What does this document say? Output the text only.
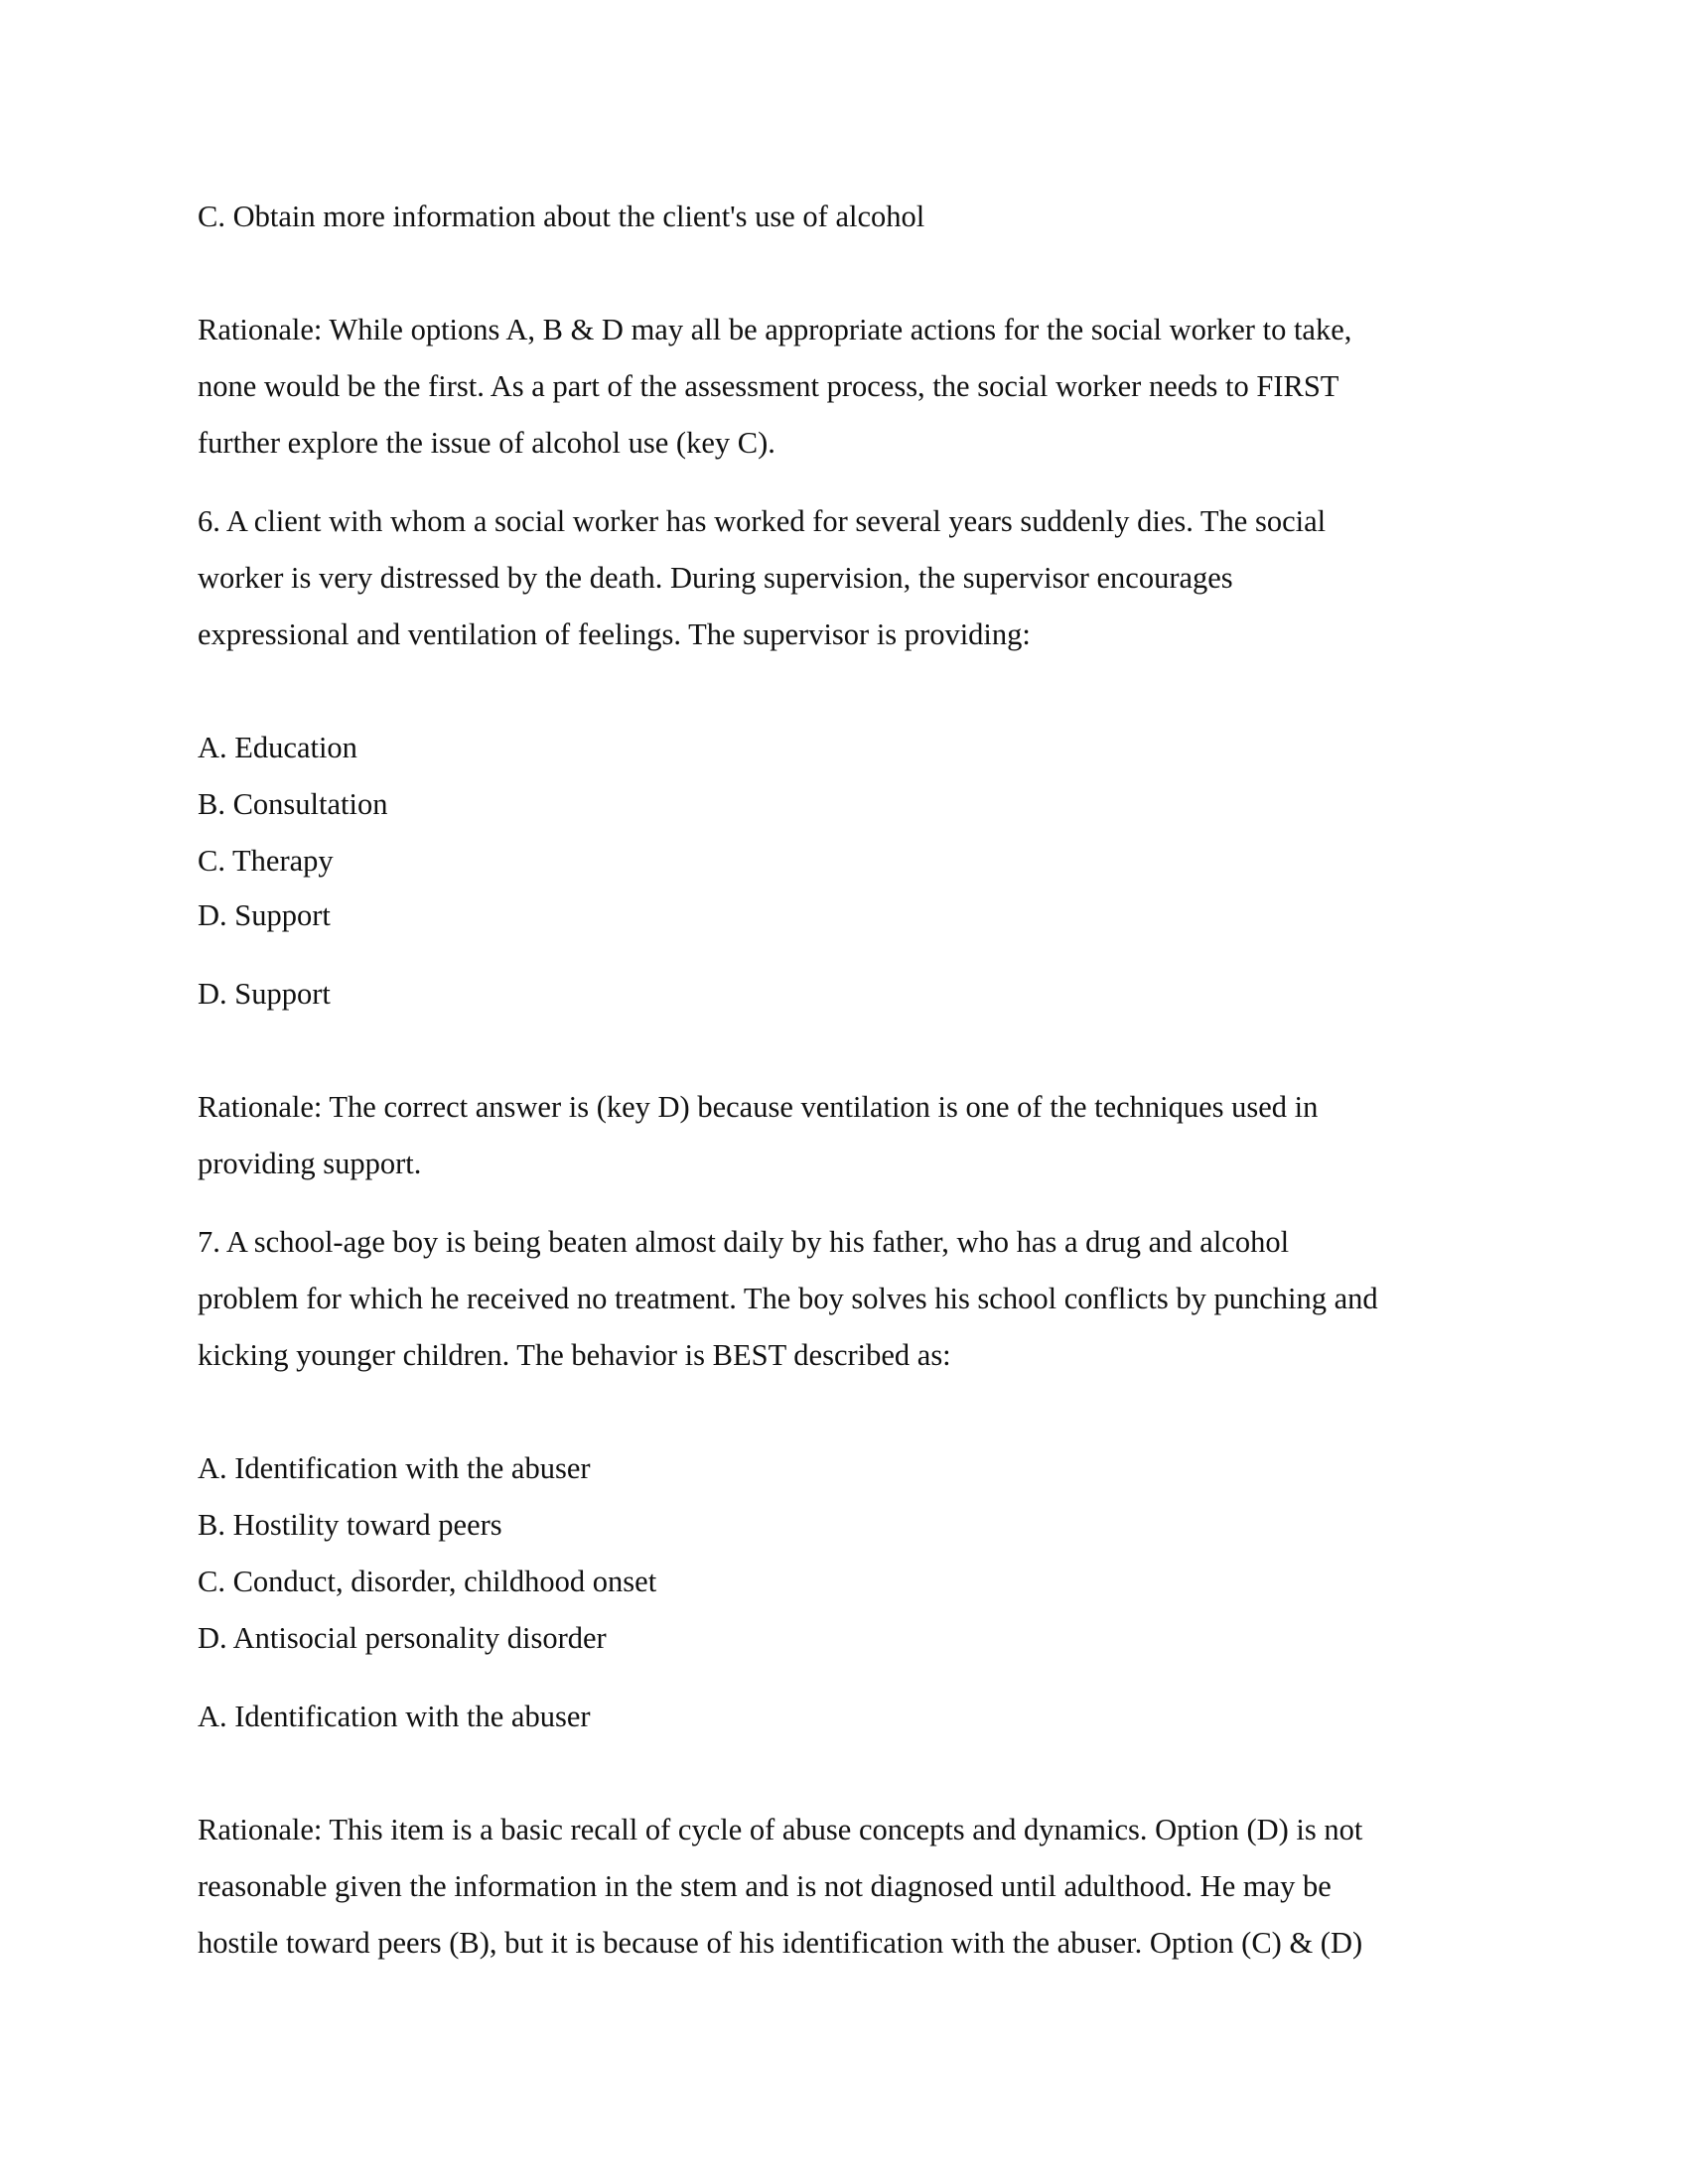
C. Obtain more information about the client's use of alcohol
Rationale: While options A, B & D may all be appropriate actions for the social worker to take,
none would be the first. As a part of the assessment process, the social worker needs to FIRST
further explore the issue of alcohol use (key C).
6. A client with whom a social worker has worked for several years suddenly dies. The social
worker is very distressed by the death. During supervision, the supervisor encourages
expressional and ventilation of feelings. The supervisor is providing:
A. Education
B. Consultation
C. Therapy
D. Support
D. Support
Rationale: The correct answer is (key D) because ventilation is one of the techniques used in
providing support.
7. A school-age boy is being beaten almost daily by his father, who has a drug and alcohol
problem for which he received no treatment. The boy solves his school conflicts by punching and
kicking younger children. The behavior is BEST described as:
A. Identification with the abuser
B. Hostility toward peers
C. Conduct, disorder, childhood onset
D. Antisocial personality disorder
A. Identification with the abuser
Rationale: This item is a basic recall of cycle of abuse concepts and dynamics. Option (D) is not
reasonable given the information in the stem and is not diagnosed until adulthood. He may be
hostile toward peers (B), but it is because of his identification with the abuser. Option (C) & (D)
